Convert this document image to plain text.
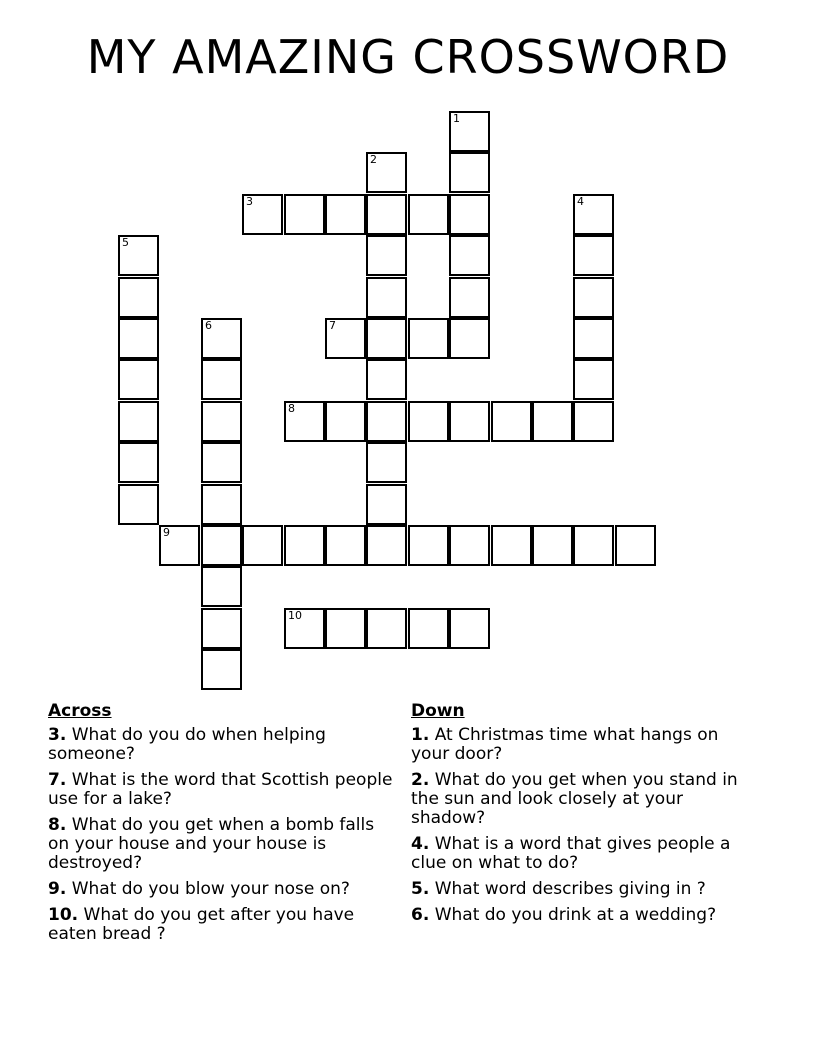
MY AMAZING CROSSWORD
1
2
3	4
5
6	7
8
9
10
Across
3. What do you do when helping someone?
7. What is the word that Scottish people use for a lake?
8. What do you get when a bomb falls on your house and your house is destroyed?
9. What do you blow your nose on?
10. What do you get after you have eaten bread ?
Down
1. At Christmas time what hangs on your door?
2. What do you get when you stand in the sun and look closely at your shadow?
4. What is a word that gives people a clue on what to do?
5. What word describes giving in ?
6. What do you drink at a wedding?
